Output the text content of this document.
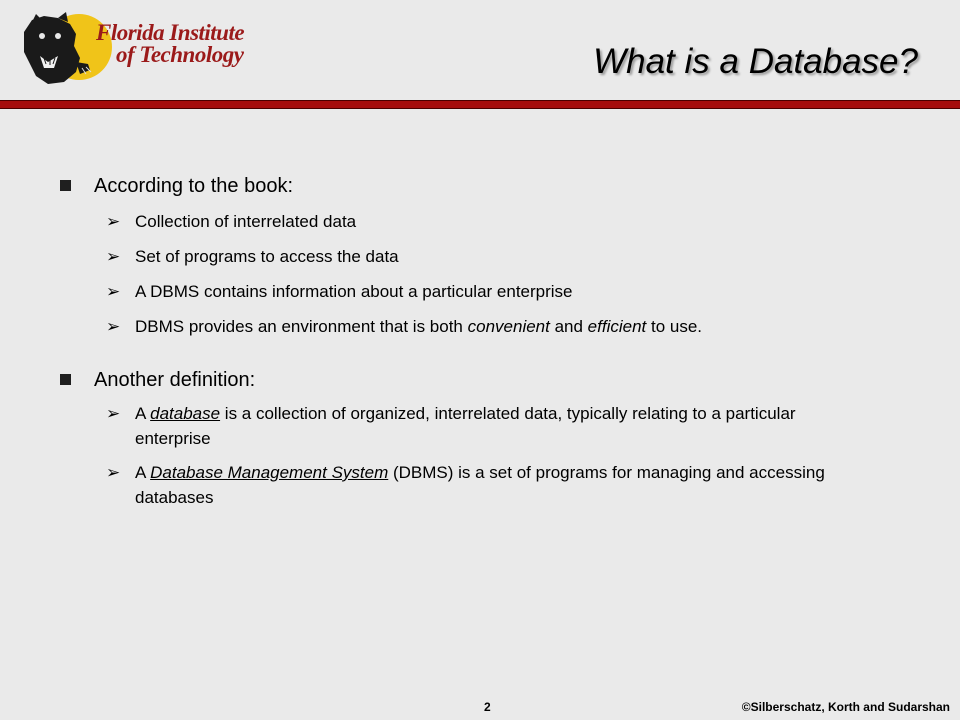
Florida Institute
of Technology	What is a Database?
According to the book:
➢ Collection of interrelated data
➢ Set of programs to access the data
➢ A DBMS contains information about a particular enterprise
➢ DBMS provides an environment that is both convenient and efficient to use.
Another definition:
➢ A database is a collection of organized, interrelated data, typically relating to a particular enterprise
➢ A Database Management System (DBMS) is a set of programs for managing and accessing databases
2	©Silberschatz, Korth and Sudarshan
